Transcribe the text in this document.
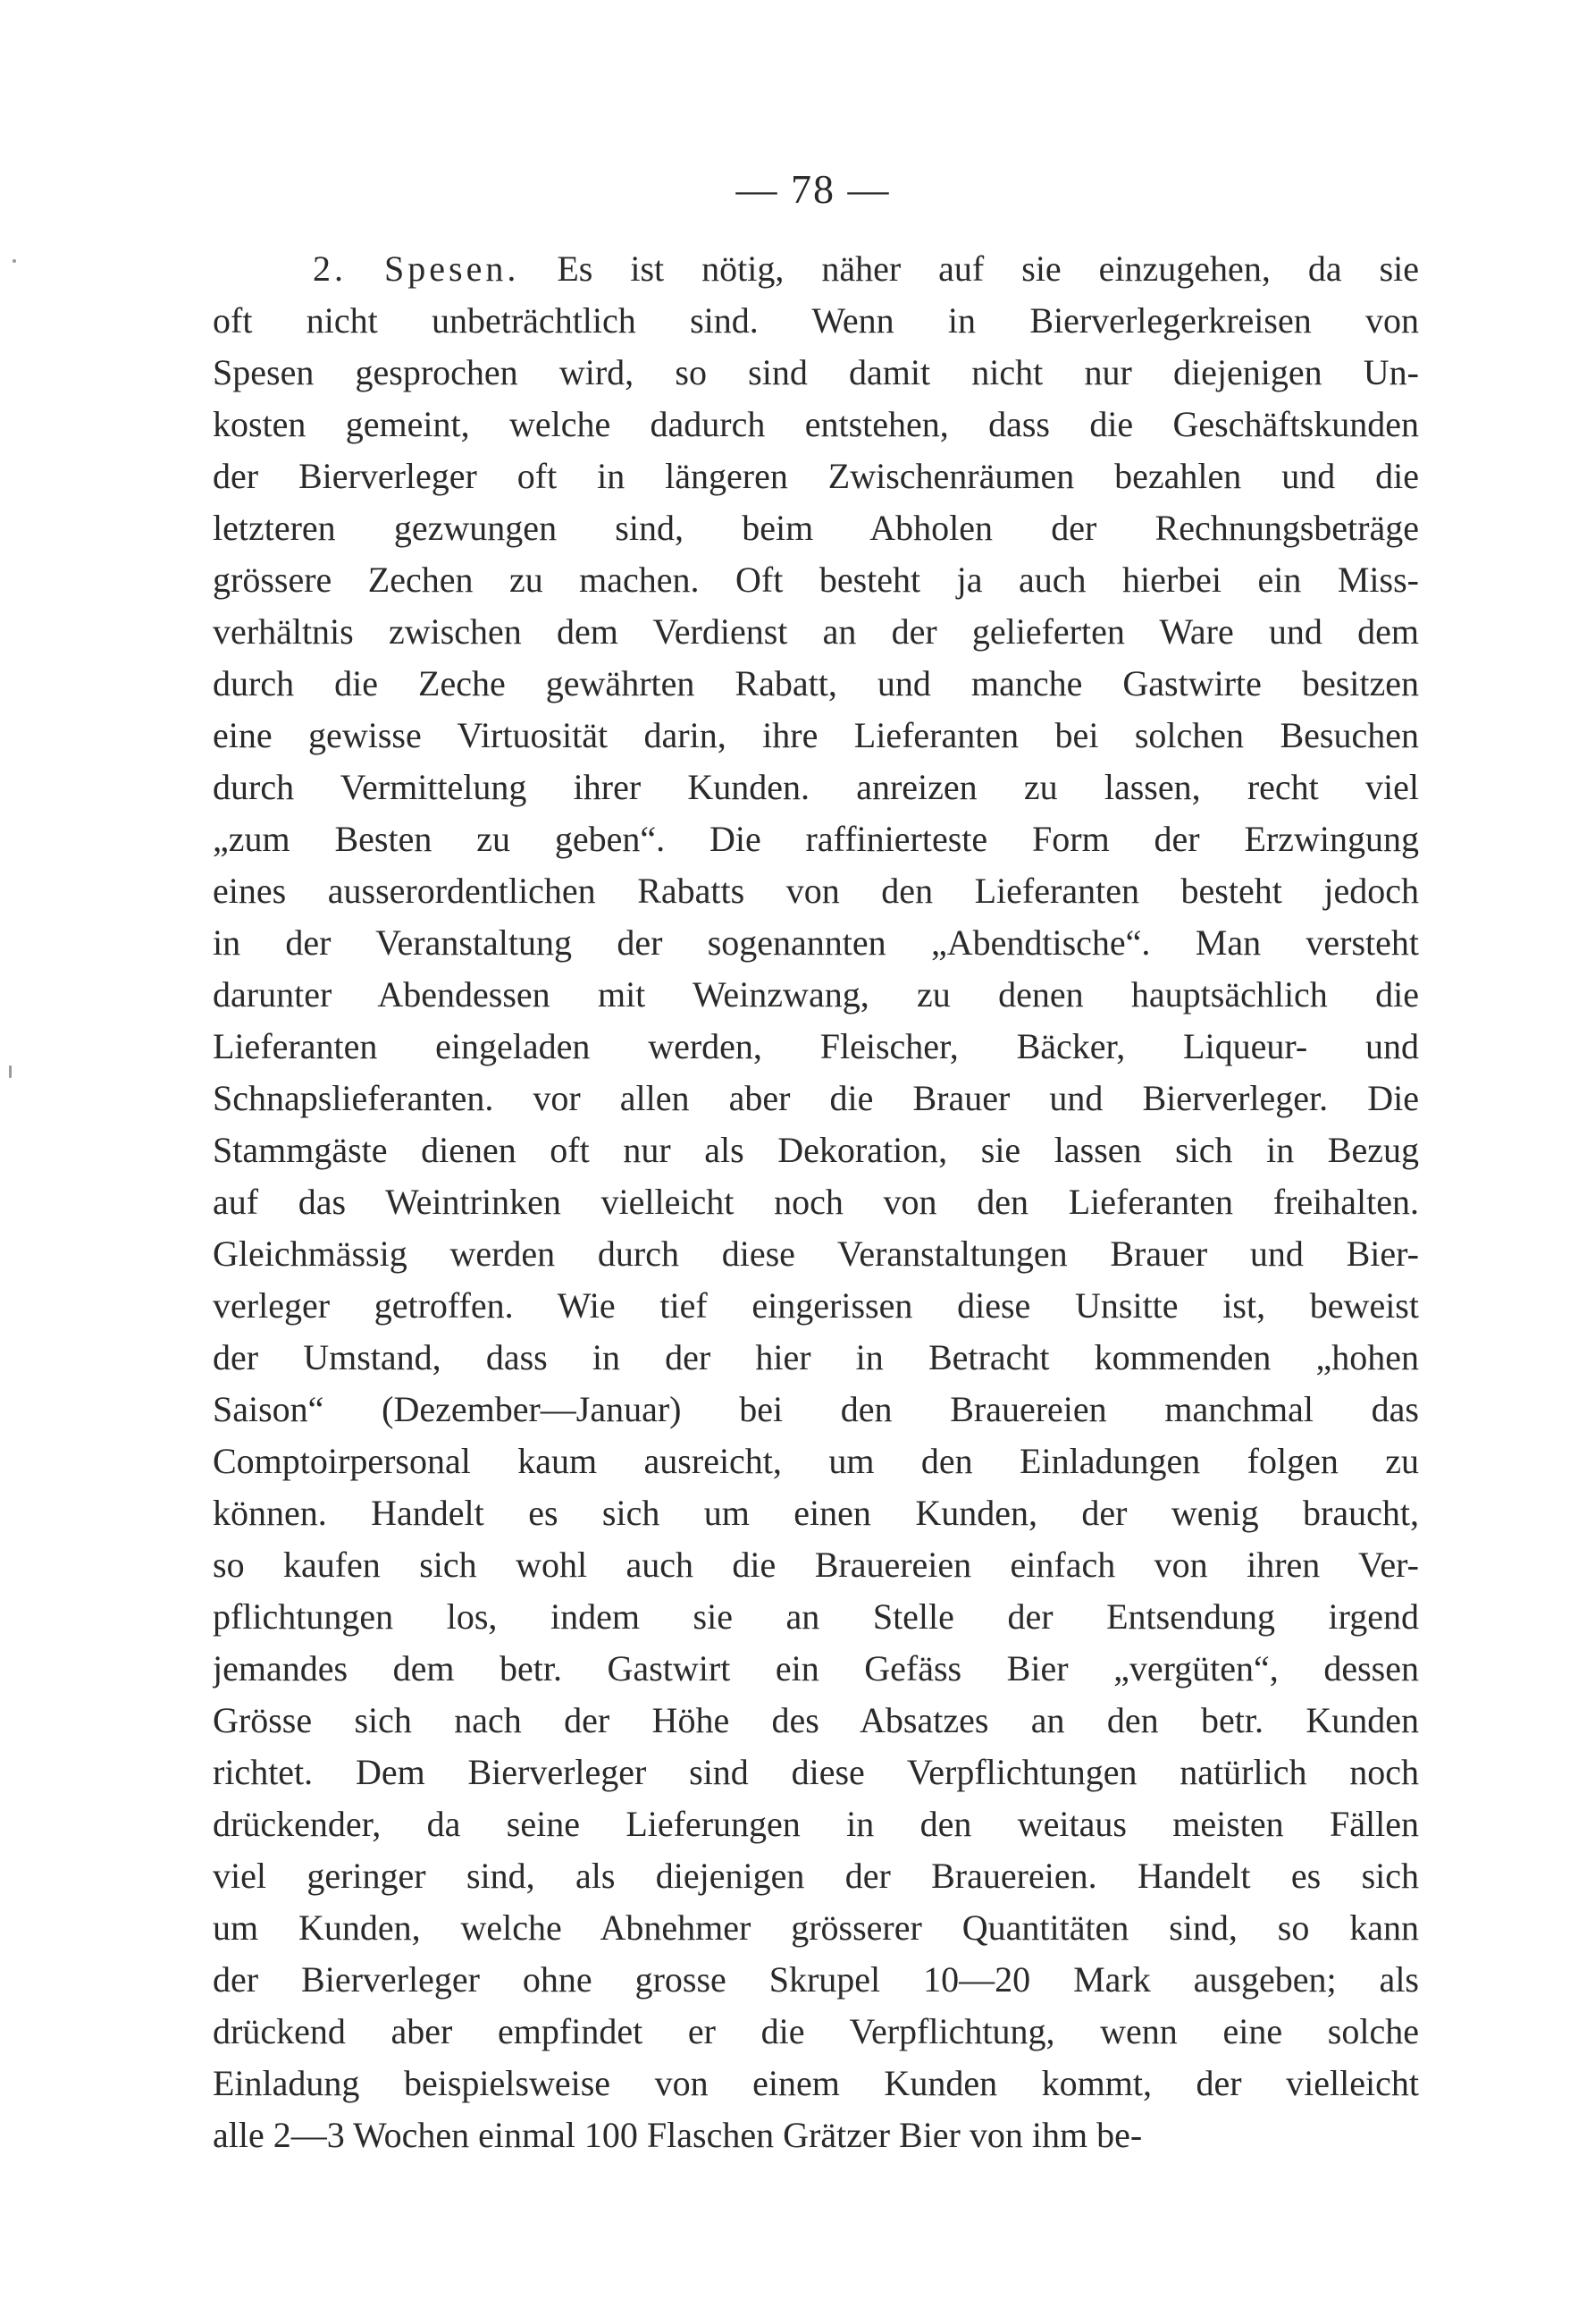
— 78 —
2. Spesen. Es ist nötig, näher auf sie einzugehen, da sie
oft nicht unbeträchtlich sind. Wenn in Bierverlegerkreisen von
Spesen gesprochen wird, so sind damit nicht nur diejenigen Un-
kosten gemeint, welche dadurch entstehen, dass die Geschäftskunden
der Bierverleger oft in längeren Zwischenräumen bezahlen und die
letzteren gezwungen sind, beim Abholen der Rechnungsbeträge
grössere Zechen zu machen. Oft besteht ja auch hierbei ein Miss-
verhältnis zwischen dem Verdienst an der gelieferten Ware und dem
durch die Zeche gewährten Rabatt, und manche Gastwirte besitzen
eine gewisse Virtuosität darin, ihre Lieferanten bei solchen Besuchen
durch Vermittelung ihrer Kunden. anreizen zu lassen, recht viel
„zum Besten zu geben“. Die raffinierteste Form der Erzwingung
eines ausserordentlichen Rabatts von den Lieferanten besteht jedoch
in der Veranstaltung der sogenannten „Abendtische“. Man versteht
darunter Abendessen mit Weinzwang, zu denen hauptsächlich die
Lieferanten eingeladen werden, Fleischer, Bäcker, Liqueur- und
Schnapslieferanten. vor allen aber die Brauer und Bierverleger. Die
Stammgäste dienen oft nur als Dekoration, sie lassen sich in Bezug
auf das Weintrinken vielleicht noch von den Lieferanten freihalten.
Gleichmässig werden durch diese Veranstaltungen Brauer und Bier-
verleger getroffen. Wie tief eingerissen diese Unsitte ist, beweist
der Umstand, dass in der hier in Betracht kommenden „hohen
Saison“ (Dezember—Januar) bei den Brauereien manchmal das
Comptoirpersonal kaum ausreicht, um den Einladungen folgen zu
können. Handelt es sich um einen Kunden, der wenig braucht,
so kaufen sich wohl auch die Brauereien einfach von ihren Ver-
pflichtungen los, indem sie an Stelle der Entsendung irgend
jemandes dem betr. Gastwirt ein Gefäss Bier „vergüten“, dessen
Grösse sich nach der Höhe des Absatzes an den betr. Kunden
richtet. Dem Bierverleger sind diese Verpflichtungen natürlich noch
drückender, da seine Lieferungen in den weitaus meisten Fällen
viel geringer sind, als diejenigen der Brauereien. Handelt es sich
um Kunden, welche Abnehmer grösserer Quantitäten sind, so kann
der Bierverleger ohne grosse Skrupel 10—20 Mark ausgeben; als
drückend aber empfindet er die Verpflichtung, wenn eine solche
Einladung beispielsweise von einem Kunden kommt, der vielleicht
alle 2—3 Wochen einmal 100 Flaschen Grätzer Bier von ihm be-
